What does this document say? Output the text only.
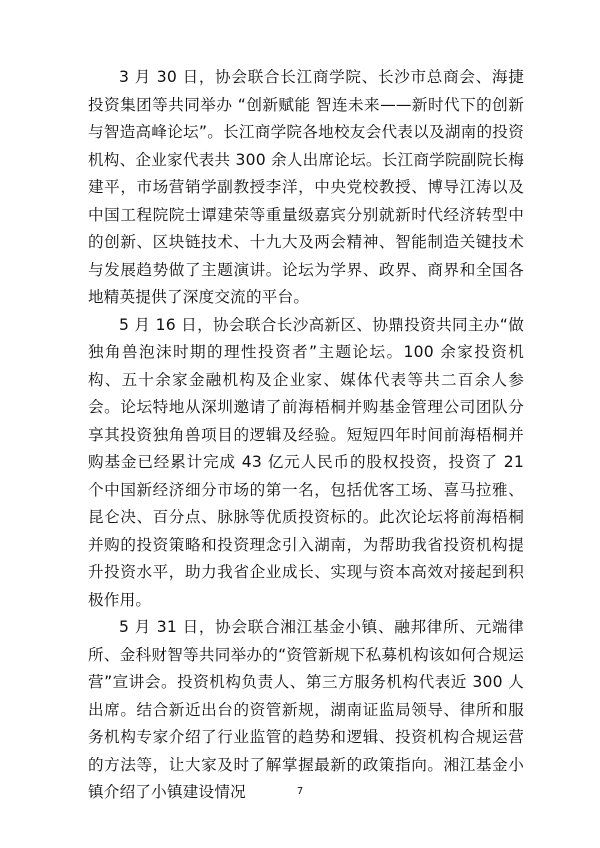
3 月 30 日，协会联合长江商学院、长沙市总商会、海捷投资集团等共同举办 “创新赋能 智连未来——新时代下的创新与智造高峰论坛”。长江商学院各地校友会代表以及湖南的投资机构、企业家代表共 300 余人出席论坛。长江商学院副院长梅建平，市场营销学副教授李洋，中央党校教授、博导江涛以及中国工程院院士谭建荣等重量级嘉宾分别就新时代经济转型中的创新、区块链技术、十九大及两会精神、智能制造关键技术与发展趋势做了主题演讲。论坛为学界、政界、商界和全国各地精英提供了深度交流的平台。

5 月 16 日，协会联合长沙高新区、协鼎投资共同主办“做独角兽泡沫时期的理性投资者”主题论坛。100 余家投资机构、五十余家金融机构及企业家、媒体代表等共二百余人参会。论坛特地从深圳邀请了前海梧桐并购基金管理公司团队分享其投资独角兽项目的逻辑及经验。短短四年时间前海梧桐并购基金已经累计完成 43 亿元人民币的股权投资，投资了 21 个中国新经济细分市场的第一名，包括优客工场、喜马拉雅、昆仑决、百分点、脉脉等优质投资标的。此次论坛将前海梧桐并购的投资策略和投资理念引入湖南，为帮助我省投资机构提升投资水平，助力我省企业成长、实现与资本高效对接起到积极作用。

5 月 31 日，协会联合湘江基金小镇、融邦律所、元端律所、金科财智等共同举办的“资管新规下私募机构该如何合规运营”宣讲会。投资机构负责人、第三方服务机构代表近 300 人出席。结合新近出台的资管新规，湖南证监局领导、律所和服务机构专家介绍了行业监管的趋势和逻辑、投资机构合规运营的方法等，让大家及时了解掌握最新的政策指向。湘江基金小镇介绍了小镇建设情况	7
